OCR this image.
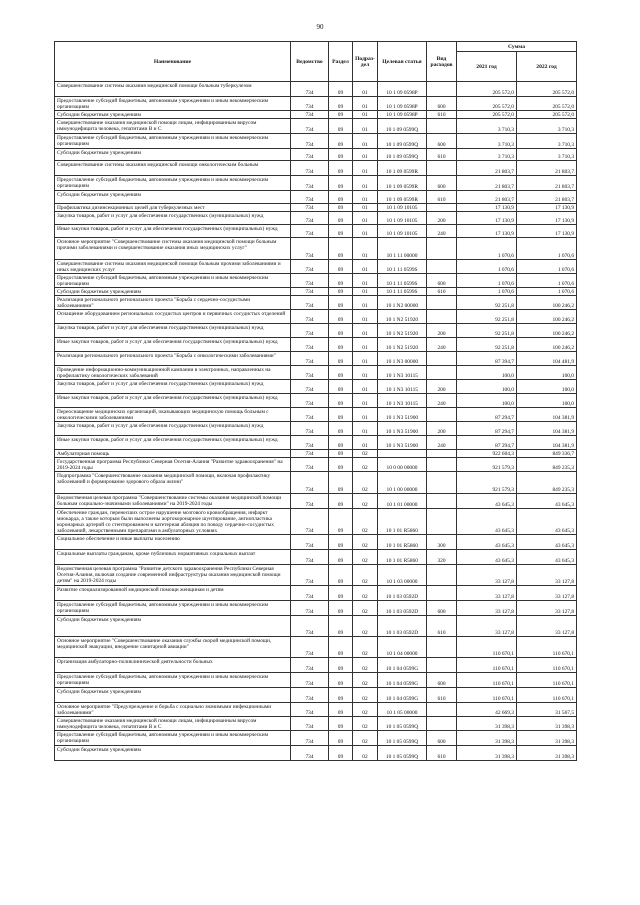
90
Наименование	Ведомство	Раздел	Подраз-
дел	Целевая статья	Вид
расходов	Сумма	
						2021 год	2022 год
Совершенствование системы оказания медицинской помощи больным туберкулезом	734	09	01	10 1 09 0598Р		205 572,0	205 572,0
Предоставление субсидий бюджетным, автономным учреждениям и иным некоммерческим организациям	734	09	01	10 1 09 0598Р	600	205 572,0	205 572,0
Субсидии бюджетным учреждениям	734	09	01	10 1 09 0598Р	610	205 572,0	205 572,0
Совершенствование оказания медицинской помощи лицам, инфицированным вирусом иммунодефицита человека, гепатитами В и С	734	09	01	10 1 09 0599Q		3 710,3	3 710,3
Предоставление субсидий бюджетным, автономным учреждениям и иным некоммерческим организациям	734	09	01	10 1 09 0599Q	600	3 710,3	3 710,3
Субсидии бюджетным учреждениям	734	09	01	10 1 09 0599Q	610	3 710,3	3 710,3
Совершенствование системы оказания медицинской помощи онкологическим больным	734	09	01	10 1 09 0599R		21 803,7	21 803,7
Предоставление субсидий бюджетным, автономным учреждениям и иным некоммерческим организациям	734	09	01	10 1 09 0599R	600	21 803,7	21 803,7
Субсидии бюджетным учреждениям	734	09	01	10 1 09 0599R	610	21 803,7	21 803,7
Профилактика дизинсекционных целей для туберкулезных мест	734	09	01	10 1 09 10105		17 130,9	17 130,9
Закупка товаров, работ и услуг для обеспечения государственных (муниципальных) нужд	734	09	01	10 1 09 10105	200	17 130,9	17 130,9
Иные закупки товаров, работ и услуг для обеспечения государственных (муниципальных) нужд	734	09	01	10 1 09 10105	240	17 130,9	17 130,9
Основное мероприятие "Совершенствование системы оказания медицинской помощи больным прочими заболеваниями и совершенствование оказания иных медицинских услуг"	734	09	01	10 1 11 00000		1 070,6	1 070,6
Совершенствование системы оказания медицинской помощи больным прочими заболеваниями и иных медицинских услуг	734	09	01	10 1 11 0599S		1 070,6	1 070,6
Предоставление субсидий бюджетным, автономным учреждениям и иным некоммерческим организациям	734	09	01	10 1 11 0599S	600	1 070,6	1 070,6
Субсидии бюджетным учреждениям	734	09	01	10 1 11 0599S	610	1 070,6	1 070,6
Реализация регионального регионального проекта "Борьба с сердечно-сосудистыми заболеваниями"	734	09	01	10 1 N2 00000		92 251,8	100 246,2
Оснащение оборудованием региональных сосудистых центров и первичных сосудистых отделений	734	09	01	10 1 N2 51920		92 251,8	100 246,2
Закупка товаров, работ и услуг для обеспечения государственных (муниципальных) нужд	734	09	01	10 1 N2 51920	200	92 251,8	100 246,2
Иные закупки товаров, работ и услуг для обеспечения государственных (муниципальных) нужд	734	09	01	10 1 N2 51920	240	92 251,8	100 246,2
Реализация регионального регионального проекта "Борьба с онкологическими заболеваниями"	734	09	01	10 1 N3 00000		87 394,7	104 481,9
Проведение информационно-коммуникационной кампании в электронных, направленных на профилактику онкологических заболеваний	734	09	01	10 1 N3 10115		100,0	100,0
Закупка товаров, работ и услуг для обеспечения государственных (муниципальных) нужд	734	09	01	10 1 N3 10115	200	100,0	100,0
Иные закупки товаров, работ и услуг для обеспечения государственных (муниципальных) нужд	734	09	01	10 1 N3 10115	240	100,0	100,0
Переоснащение медицинских организаций, оказывающих медицинскую помощь больным с онкологическими заболеваниями	734	09	01	10 1 N3 51900		87 294,7	104 381,9
Закупка товаров, работ и услуг для обеспечения государственных (муниципальных) нужд	734	09	01	10 1 N3 51900	200	87 294,7	104 381,9
Иные закупки товаров, работ и услуг для обеспечения государственных (муниципальных) нужд	734	09	01	10 1 N3 51900	240	87 294,7	104 381,9
Амбулаторная помощь	734	09	02			922 604,3	849 336,7
Государственная программа Республики Северная Осетия-Алания "Развитие здравоохранения" на 2019-2024 годы	734	09	02	10 0 00 00000		921 579,3	849 235,3
Подпрограмма "Совершенствование оказания медицинской помощи, включая профилактику заболеваний и формирование здорового образа жизни"	734	09	02	10 1 00 00000		921 579,3	849 235,3
Ведомственная целевая программа "Совершенствование системы оказания медицинской помощи больным социально-значимыми заболеваниями" на 2019-2024 годы	734	09	02	10 1 01 00000		43 645,3	43 645,3
Обеспечение граждан, перенесших острое нарушение мозгового кровообращения, инфаркт миокарда, а также которым были выполнены аортокоронарное шунтирование, ангиопластика коронарных артерий со стентированием и катетерная абляция по поводу сердечно-сосудистых заболеваний, лекарственными препаратами в амбулаторных условиях	734	09	02	10 1 01 R5860		43 645,3	43 645,3
Социальное обеспечение и иные выплаты населению	734	09	02	10 1 01 R5860	300	43 645,3	43 645,3
Социальные выплаты гражданам, кроме публичных нормативных социальных выплат	734	09	02	10 1 01 R5860	320	43 645,3	43 645,3
Ведомственная целевая программа "Развитие детского здравоохранения Республики Северная Осетия-Алания, включая создание современной инфраструктуры оказания медицинской помощи детям" на 2019-2024 годы	734	09	02	10 1 03 00000		33 127,8	33 127,8
Развитие специализированной медицинской помощи женщинам и детям	734	09	02	10 1 03 0592D		33 127,8	33 127,8
Предоставление субсидий бюджетным, автономным учреждениям и иным некоммерческим организациям	734	09	02	10 1 03 0592D	600	33 127,8	33 127,8
Субсидии бюджетным учреждениям	734	09	02	10 1 03 0592D	610	33 127,8	33 127,8
Основное мероприятие "Совершенствование оказания службы скорой медицинской помощи, медицинской эвакуации, внедрение санитарной авиации"	734	09	02	10 1 04 00000		110 670,1	110 670,1
Организация амбулаторно-поликлинической деятельности больных	734	09	02	10 1 04 0599G		110 670,1	110 670,1
Предоставление субсидий бюджетным, автономным учреждениям и иным некоммерческим организациям	734	09	02	10 1 04 0599G	600	110 670,1	110 670,1
Субсидии бюджетным учреждениям	734	09	02	10 1 04 0599G	610	110 670,1	110 670,1
Основное мероприятие "Предупреждение и борьба с социально значимыми инфекционными заболеваниями"	734	09	02	10 1 05 00000		42 669,3	31 567,5
Совершенствование оказания медицинской помощи лицам, инфицированным вирусом иммунодефицита человека, гепатитами В и С	734	09	02	10 1 05 0599Q		31 398,3	31 398,3
Предоставление субсидий бюджетным, автономным учреждениям и иным некоммерческим организациям	734	09	02	10 1 05 0599Q	600	31 398,3	31 398,3
Субсидии бюджетным учреждениям	734	09	02	10 1 05 0599Q	610	31 398,3	31 398,3
